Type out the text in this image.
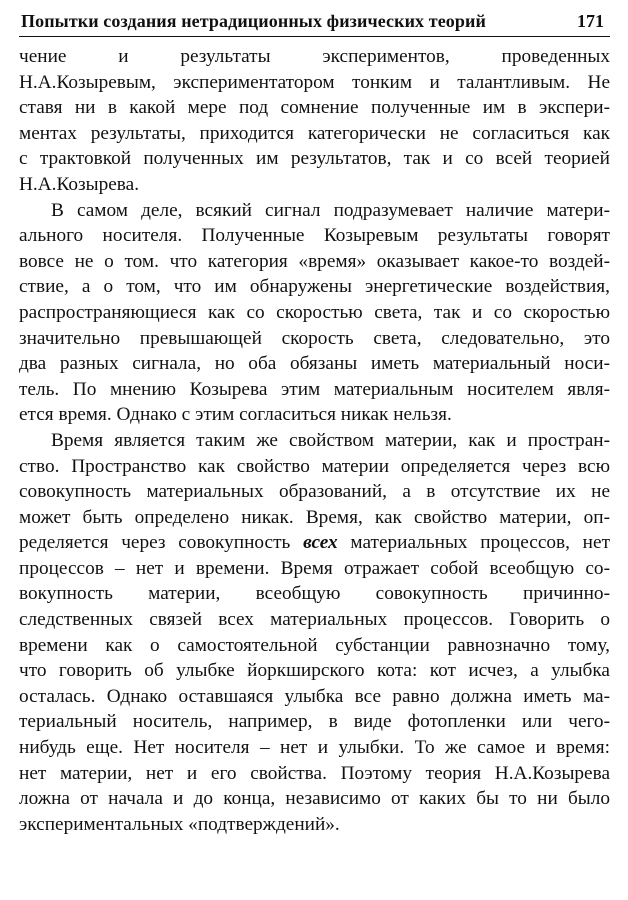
Попытки создания нетрадиционных физических теорий	171
чение и результаты экспериментов, проведенных
Н.А.Козыревым, экспериментатором тонким и талантливым. Не
ставя ни в какой мере под сомнение полученные им в экспери-
ментах результаты, приходится категорически не согласиться как
с трактовкой полученных им результатов, так и со всей теорией
Н.А.Козырева.
В самом деле, всякий сигнал подразумевает наличие матери-
ального носителя. Полученные Козыревым результаты говорят
вовсе не о том. что категория «время» оказывает какое-то воздей-
ствие, а о том, что им обнаружены энергетические воздействия,
распространяющиеся как со скоростью света, так и со скоростью
значительно превышающей скорость света, следовательно, это
два разных сигнала, но оба обязаны иметь материальный носи-
тель. По мнению Козырева этим материальным носителем явля-
ется время. Однако с этим согласиться никак нельзя.
Время является таким же свойством материи, как и простран-
ство. Пространство как свойство материи определяется через всю
совокупность материальных образований, а в отсутствие их не
может быть определено никак. Время, как свойство материи, оп-
ределяется через совокупность всех материальных процессов, нет
процессов – нет и времени. Время отражает собой всеобщую со-
вокупность материи, всеобщую совокупность причинно-
следственных связей всех материальных процессов. Говорить о
времени как о самостоятельной субстанции равнозначно тому,
что говорить об улыбке йоркширского кота: кот исчез, а улыбка
осталась. Однако оставшаяся улыбка все равно должна иметь ма-
териальный носитель, например, в виде фотопленки или чего-
нибудь еще. Нет носителя – нет и улыбки. То же самое и время:
нет материи, нет и его свойства. Поэтому теория Н.А.Козырева
ложна от начала и до конца, независимо от каких бы то ни было
экспериментальных «подтверждений».
